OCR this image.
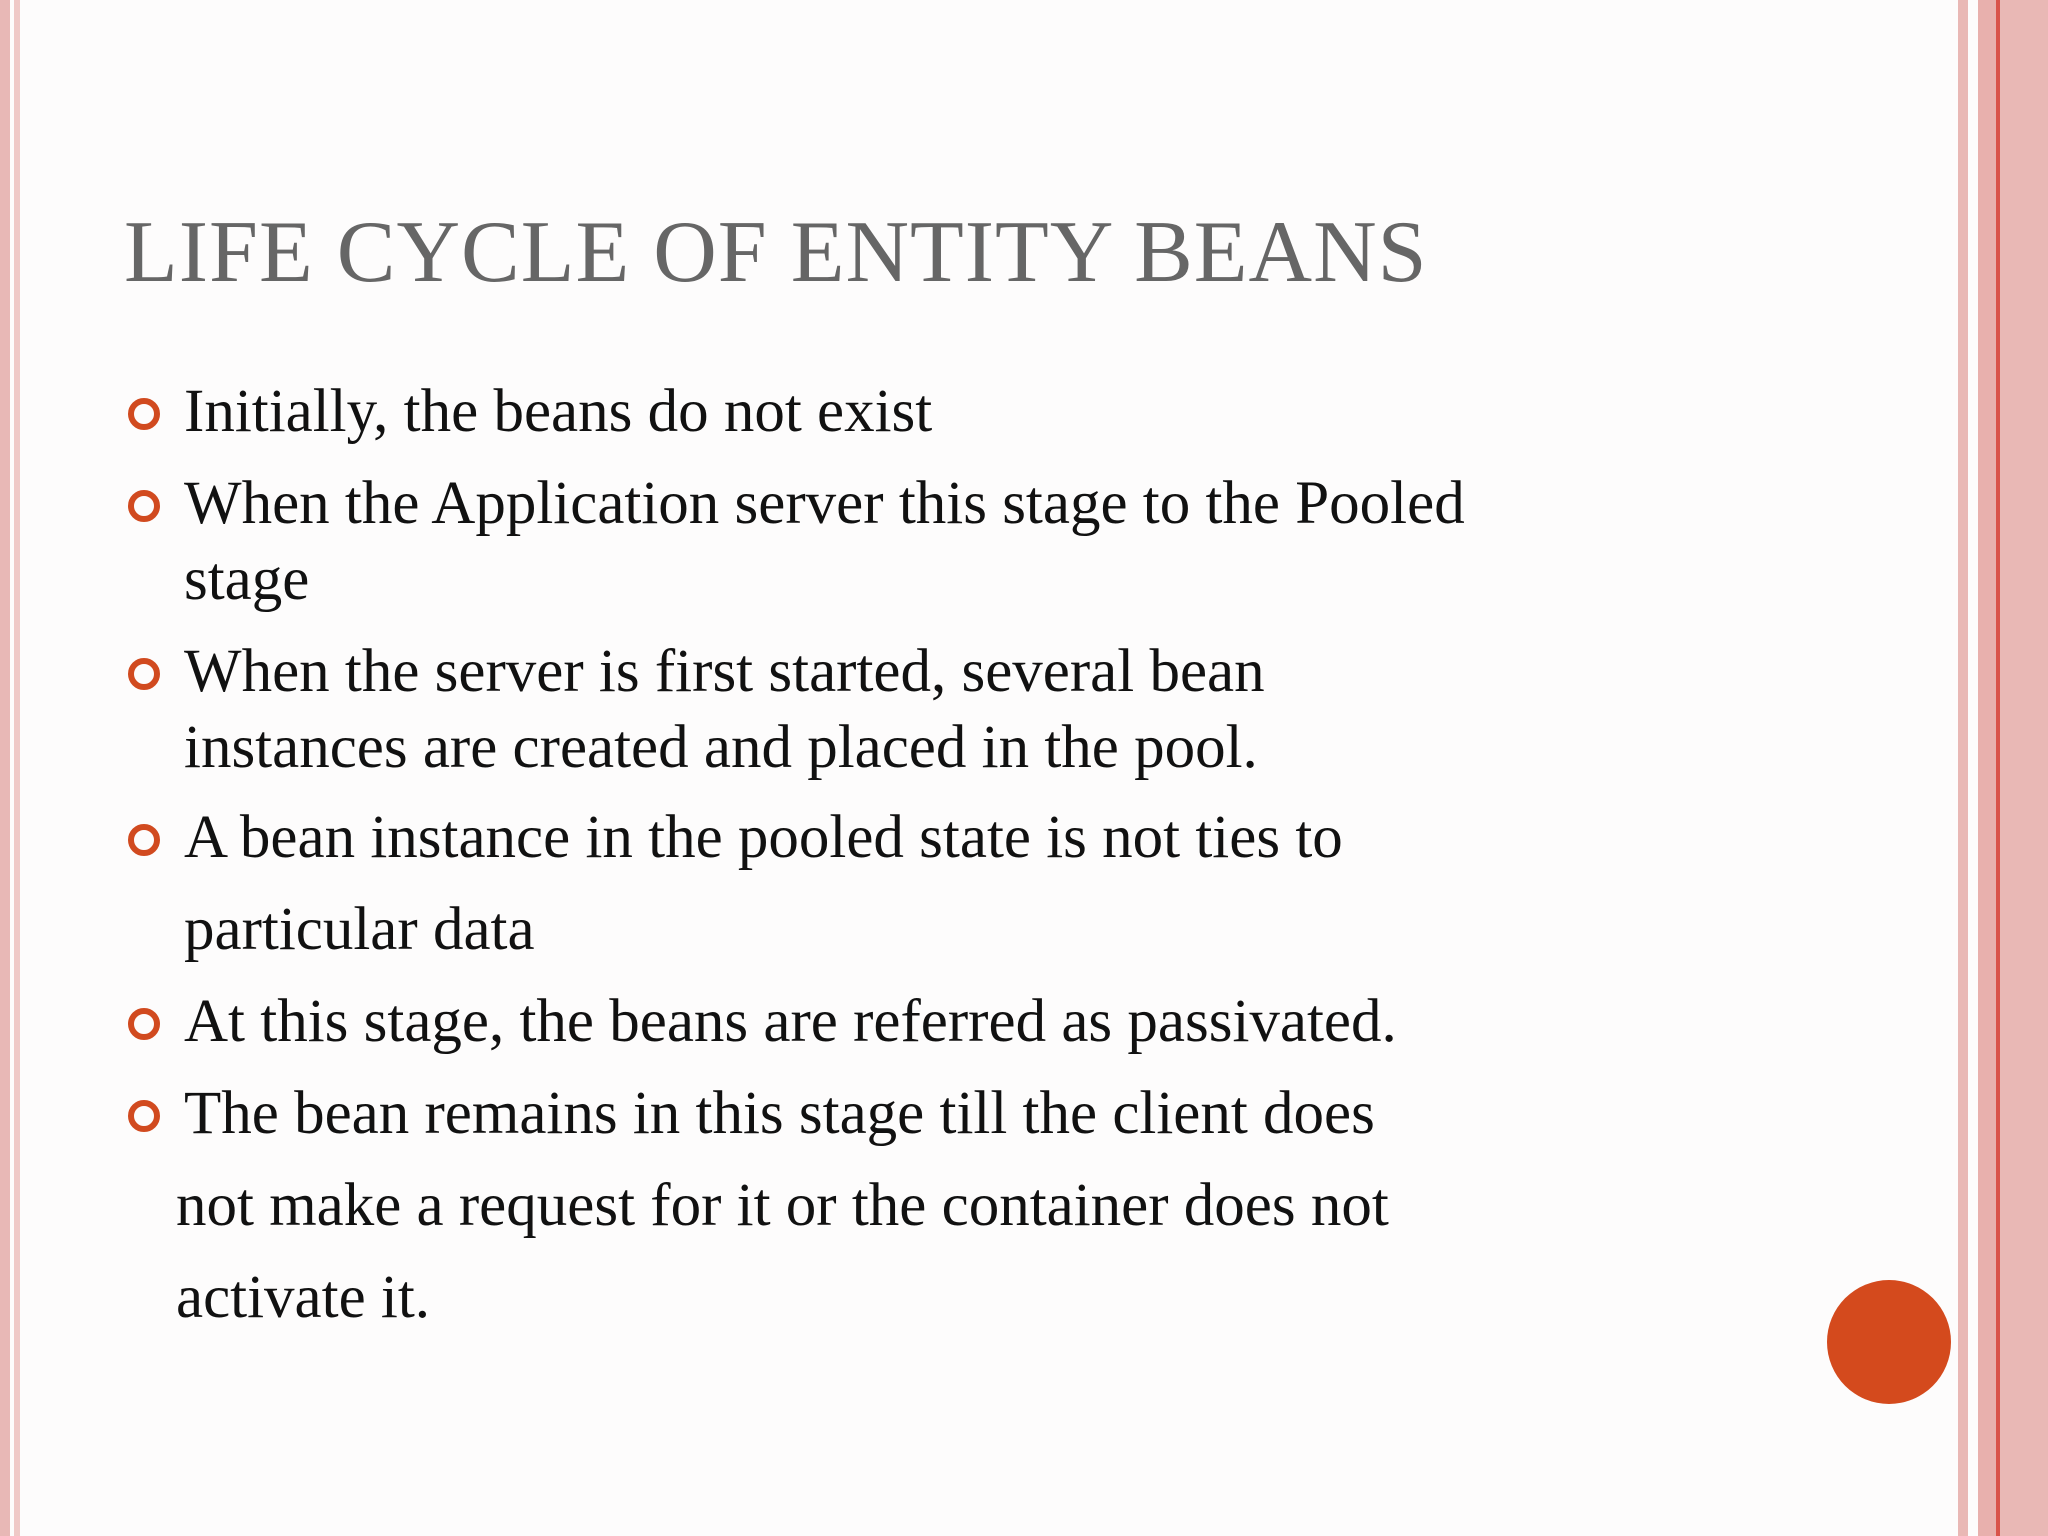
LIFE CYCLE OF ENTITY BEANS
Initially, the beans do not exist
When the Application server this stage to the Pooled
stage
When the server is first started, several bean
instances are created and placed in the pool.
A bean instance in the pooled state is not ties to
particular data
At this stage, the beans are referred as passivated.
The bean remains in this stage till the client does
not make a request for it or the container does not
activate it.
